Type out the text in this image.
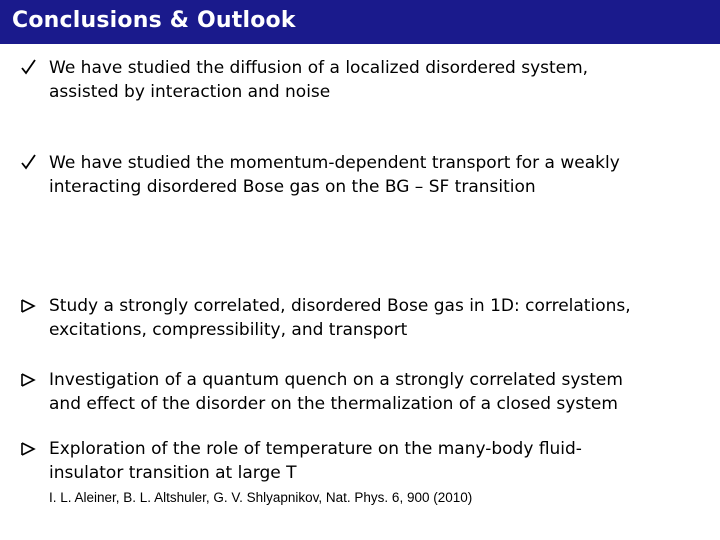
Conclusions & Outlook
We have studied the diffusion of a localized disordered system,
assisted by interaction and noise
We have studied the momentum-dependent transport for a weakly
interacting disordered Bose gas on the BG – SF transition
Study a strongly correlated, disordered Bose gas in 1D: correlations,
excitations, compressibility, and transport
Investigation of a quantum quench on a strongly correlated system
and effect of the disorder on the thermalization of a closed system
Exploration of the role of temperature on the many-body fluid-
insulator transition at large T
I. L. Aleiner, B. L. Altshuler, G. V. Shlyapnikov, Nat. Phys. 6, 900 (2010)
